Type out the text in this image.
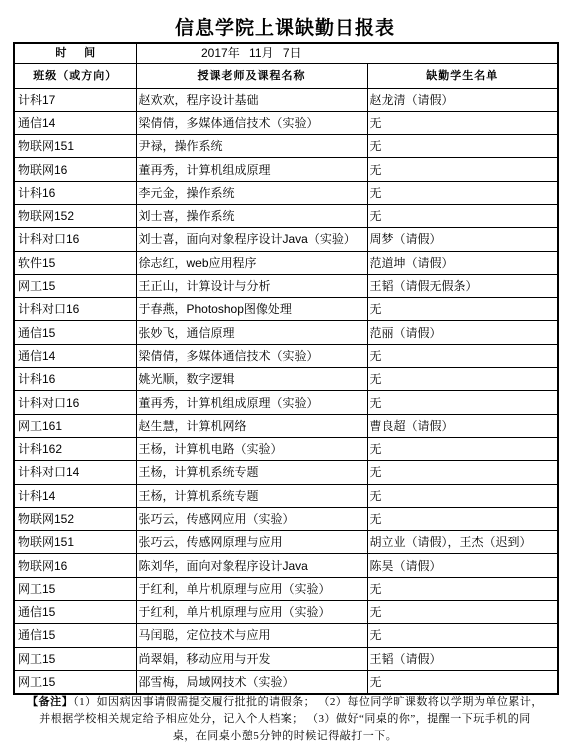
信息学院上课缺勤日报表
时 间	2017年 11月 7日	
班级（或方向）	授课老师及课程名称	缺勤学生名单
计科17	赵欢欢，程序设计基础	赵龙清（请假）
通信14	梁倩倩，多媒体通信技术（实验）	无
物联网151	尹禄，操作系统	无
物联网16	董再秀，计算机组成原理	无
计科16	李元金，操作系统	无
物联网152	刘士喜，操作系统	无
计科对口16	刘士喜，面向对象程序设计Java（实验）	周梦（请假）
软件15	徐志红，web应用程序	范道坤（请假）
网工15	王正山，计算设计与分析	王韬（请假无假条）
计科对口16	于春燕，Photoshop图像处理	无
通信15	张妙飞，通信原理	范丽（请假）
通信14	梁倩倩，多媒体通信技术（实验）	无
计科16	姚光顺，数字逻辑	无
计科对口16	董再秀，计算机组成原理（实验）	无
网工161	赵生慧，计算机网络	曹良超（请假）
计科162	王杨，计算机电路（实验）	无
计科对口14	王杨，计算机系统专题	无
计科14	王杨，计算机系统专题	无
物联网152	张巧云，传感网应用（实验）	无
物联网151	张巧云，传感网原理与应用	胡立业（请假），王杰（迟到）
物联网16	陈刘华，面向对象程序设计Java	陈昊（请假）
网工15	于红利，单片机原理与应用（实验）	无
通信15	于红利，单片机原理与应用（实验）	无
通信15	马闰聪，定位技术与应用	无
网工15	尚翠娟，移动应用与开发	王韬（请假）
网工15	邵雪梅，局域网技术（实验）	无
【备注】（1）如因病因事请假需提交履行批批的请假条； （2）每位同学旷课数将以学期为单位累计，
并根据学校相关规定给予相应处分，记入个人档案； （3）做好“同桌的你”，提醒一下玩手机的同
桌，在同桌小憩5分钟的时候记得敲打一下。
